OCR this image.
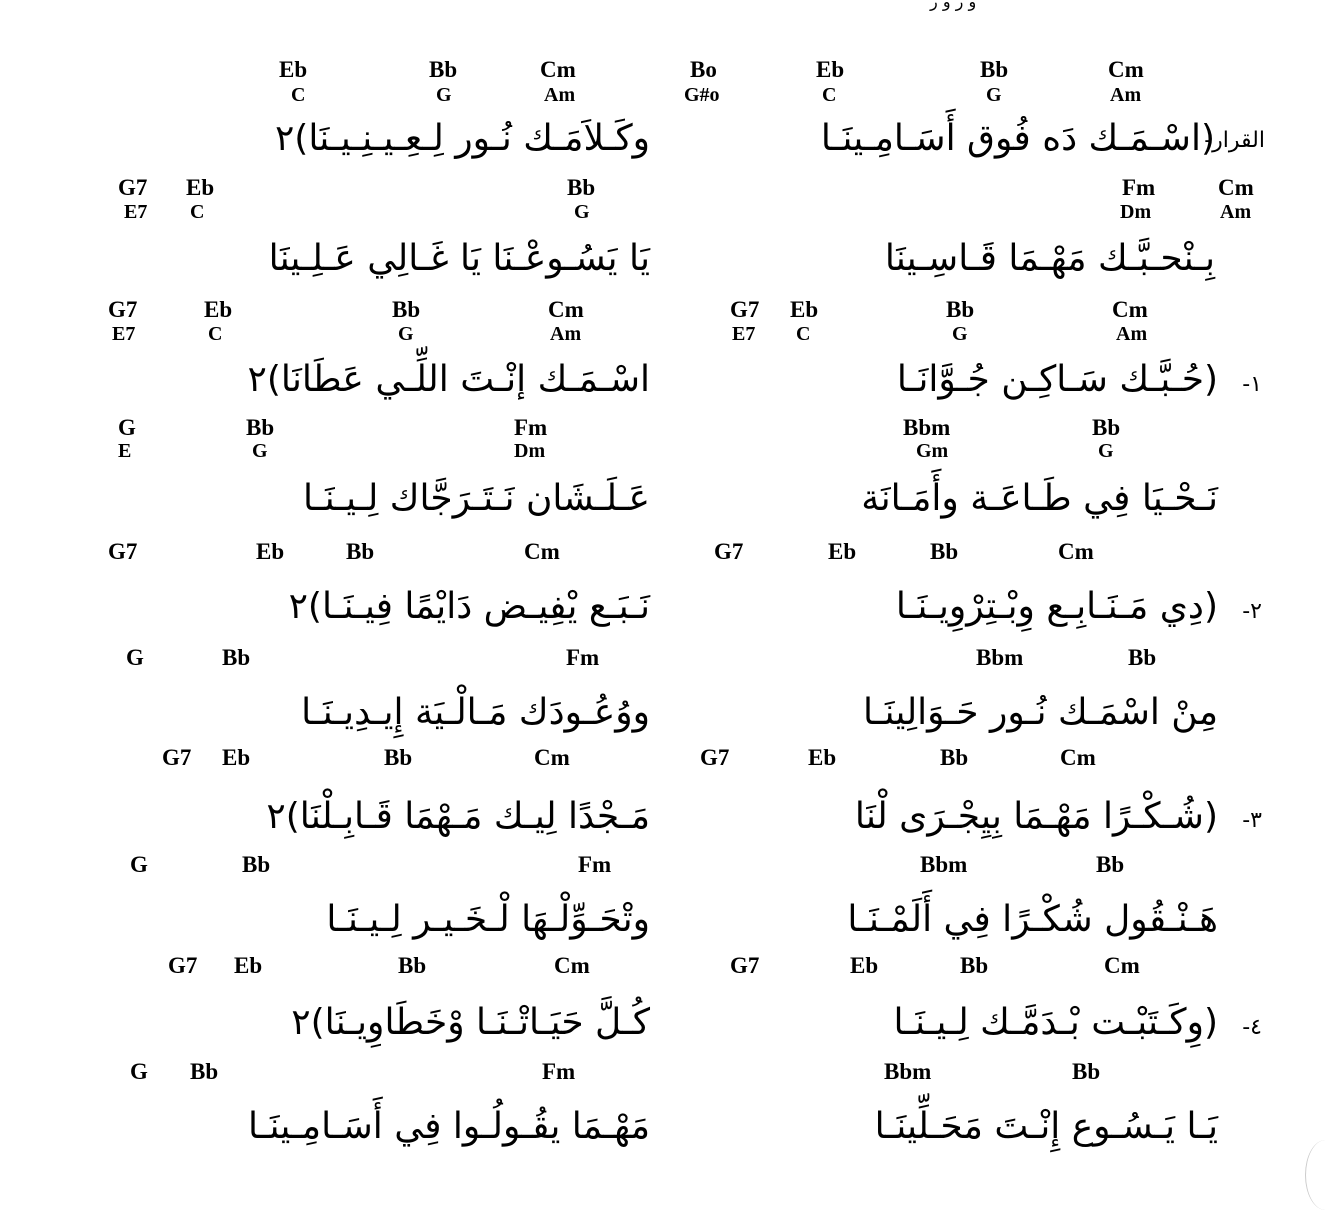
و ر و ر
Bo	Eb	Bb	Cm
G#o	C	G	Am
Eb	Bb	Cm
C	G	Am
القرار-
(اسْـمَـك دَه فُوق أَسَـامِـينَـا
وكَـلاَمَـك نُـور لِـعِـيـنِـيـنَا)٢
Fm	Cm
Dm	Am
G7 Eb	Bb
E7 C	G
بِـنْحـبَّـك مَهْـمَا قَـاسِـينَا
يَا يَسُـوعْـنَا يَا غَـالِي عَـلِـينَا
G7 Eb	Bb	Cm
E7 C	G	Am
G7	Eb	Bb	Cm
E7	C	G	Am
١-
(حُـبَّـك سَـاكِـن جُـوَّانَـا
اسْـمَـك إنْـتَ اللِّـي عَطَانَا)٢
Bbm	Bb
Gm	G
G	Bb	Fm
E	G	Dm
نَـحْـيَا فِي طَـاعَـة وأَمَـانَة
عَـلَـشَان نَـتَـرَجَّاك لِـيـنَـا
G7	Eb	Bb	Cm
G7	Eb	Bb	Cm
٢-
(دِي مَـنَـابِـع وِبْـتِرْوِيـنَـا
نَـبَـع يْفِيـض دَايْمًا فِيـنَـا)٢
Bbm	Bb
G	Bb	Fm
مِنْ اسْمَـك نُـور حَـوَالِينَـا
ووُعُـودَك مَـالْـيَة إِيـدِيـنَـا
G7	Eb	Bb	Cm
G7 Eb	Bb	Cm
٣-
(شُـكْـرًا مَهْـمَا بِيِجْـرَى لْنَا
مَـجْدًا لِيـك مَـهْمَا قَـابِـلْنَا)٢
Bbm	Bb
G	Bb	Fm
هَـنْـقُول شُكْـرًا فِي أَلَمْـنَـا
وتْحَـوِّلْـهَا لْـخَـيـر لِـيـنَـا
G7	Eb	Bb	Cm
G7 Eb	Bb	Cm
٤-
(وِكَـتَبْـت بْـدَمَّـك لِـيـنَـا
كُـلَّ حَيَـاتْـنَـا وْخَطَاوِيـنَا)٢
Bbm	Bb
G Bb	Fm
يَـا يَـسُـوع إِنْـتَ مَحَـلِّينَـا
مَهْـمَا يقُـولُـوا فِي أَسَـامِـينَـا
